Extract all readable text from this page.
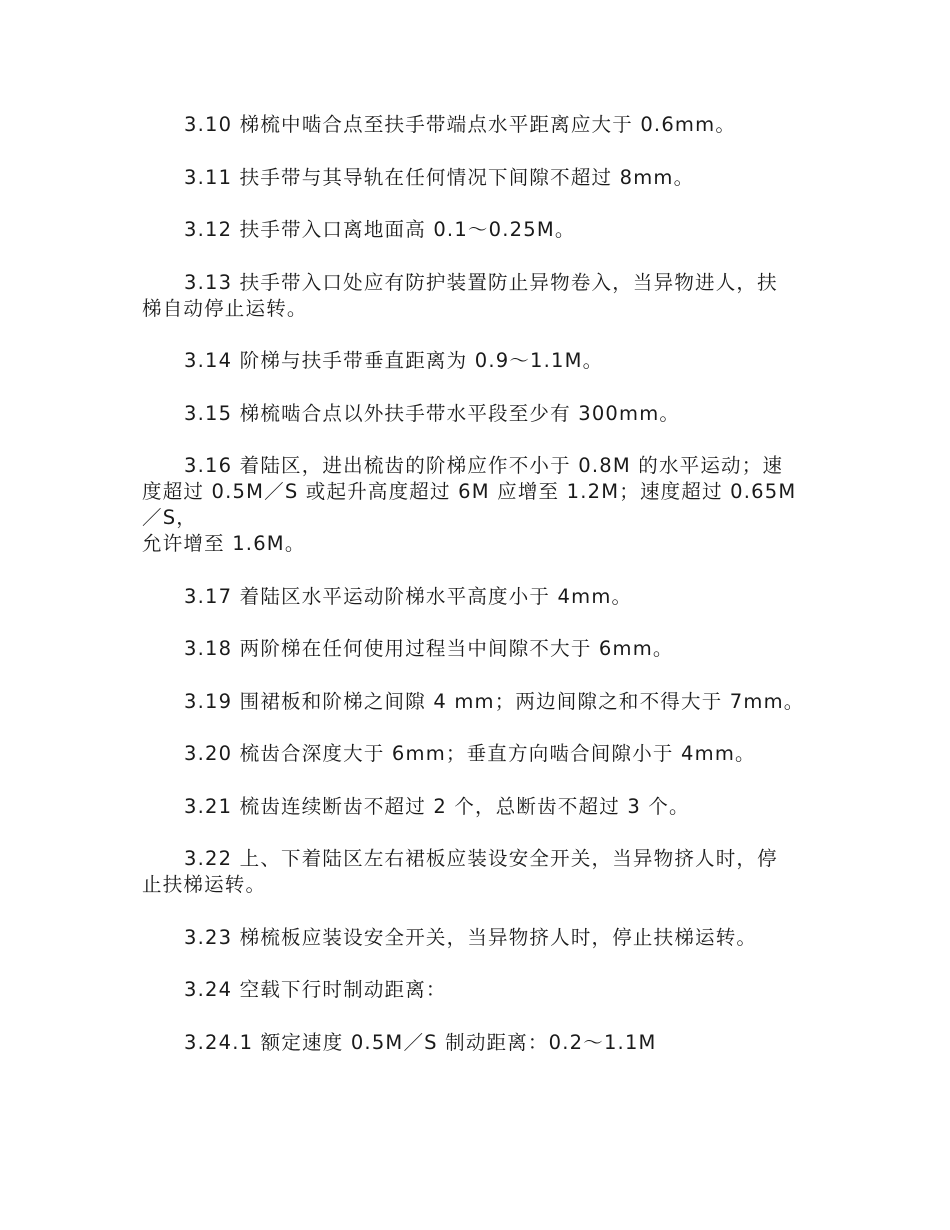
3.10 梯梳中啮合点至扶手带端点水平距离应大于 0.6mm。

3.11 扶手带与其导轨在任何情况下间隙不超过 8mm。

3.12 扶手带入口离地面高 0.1～0.25M。

3.13 扶手带入口处应有防护装置防止异物卷入，当异物进人，扶
梯自动停止运转。

3.14 阶梯与扶手带垂直距离为 0.9～1.1M。

3.15 梯梳啮合点以外扶手带水平段至少有 300mm。

3.16 着陆区，进出梳齿的阶梯应作不小于 0.8M 的水平运动；速
度超过 0.5M／S 或起升高度超过 6M 应增至 1.2M；速度超过 0.65M／S，
允许增至 1.6M。

3.17 着陆区水平运动阶梯水平高度小于 4mm。

3.18 两阶梯在任何使用过程当中间隙不大于 6mm。

3.19 围裙板和阶梯之间隙 4 mm；两边间隙之和不得大于 7mm。

3.20 梳齿合深度大于 6mm；垂直方向啮合间隙小于 4mm。

3.21 梳齿连续断齿不超过 2 个，总断齿不超过 3 个。

3.22 上、下着陆区左右裙板应装设安全开关，当异物挤人时，停
止扶梯运转。

3.23 梯梳板应装设安全开关，当异物挤人时，停止扶梯运转。

3.24 空载下行时制动距离：

3.24.1 额定速度 0.5M／S 制动距离：0.2～1.1M
